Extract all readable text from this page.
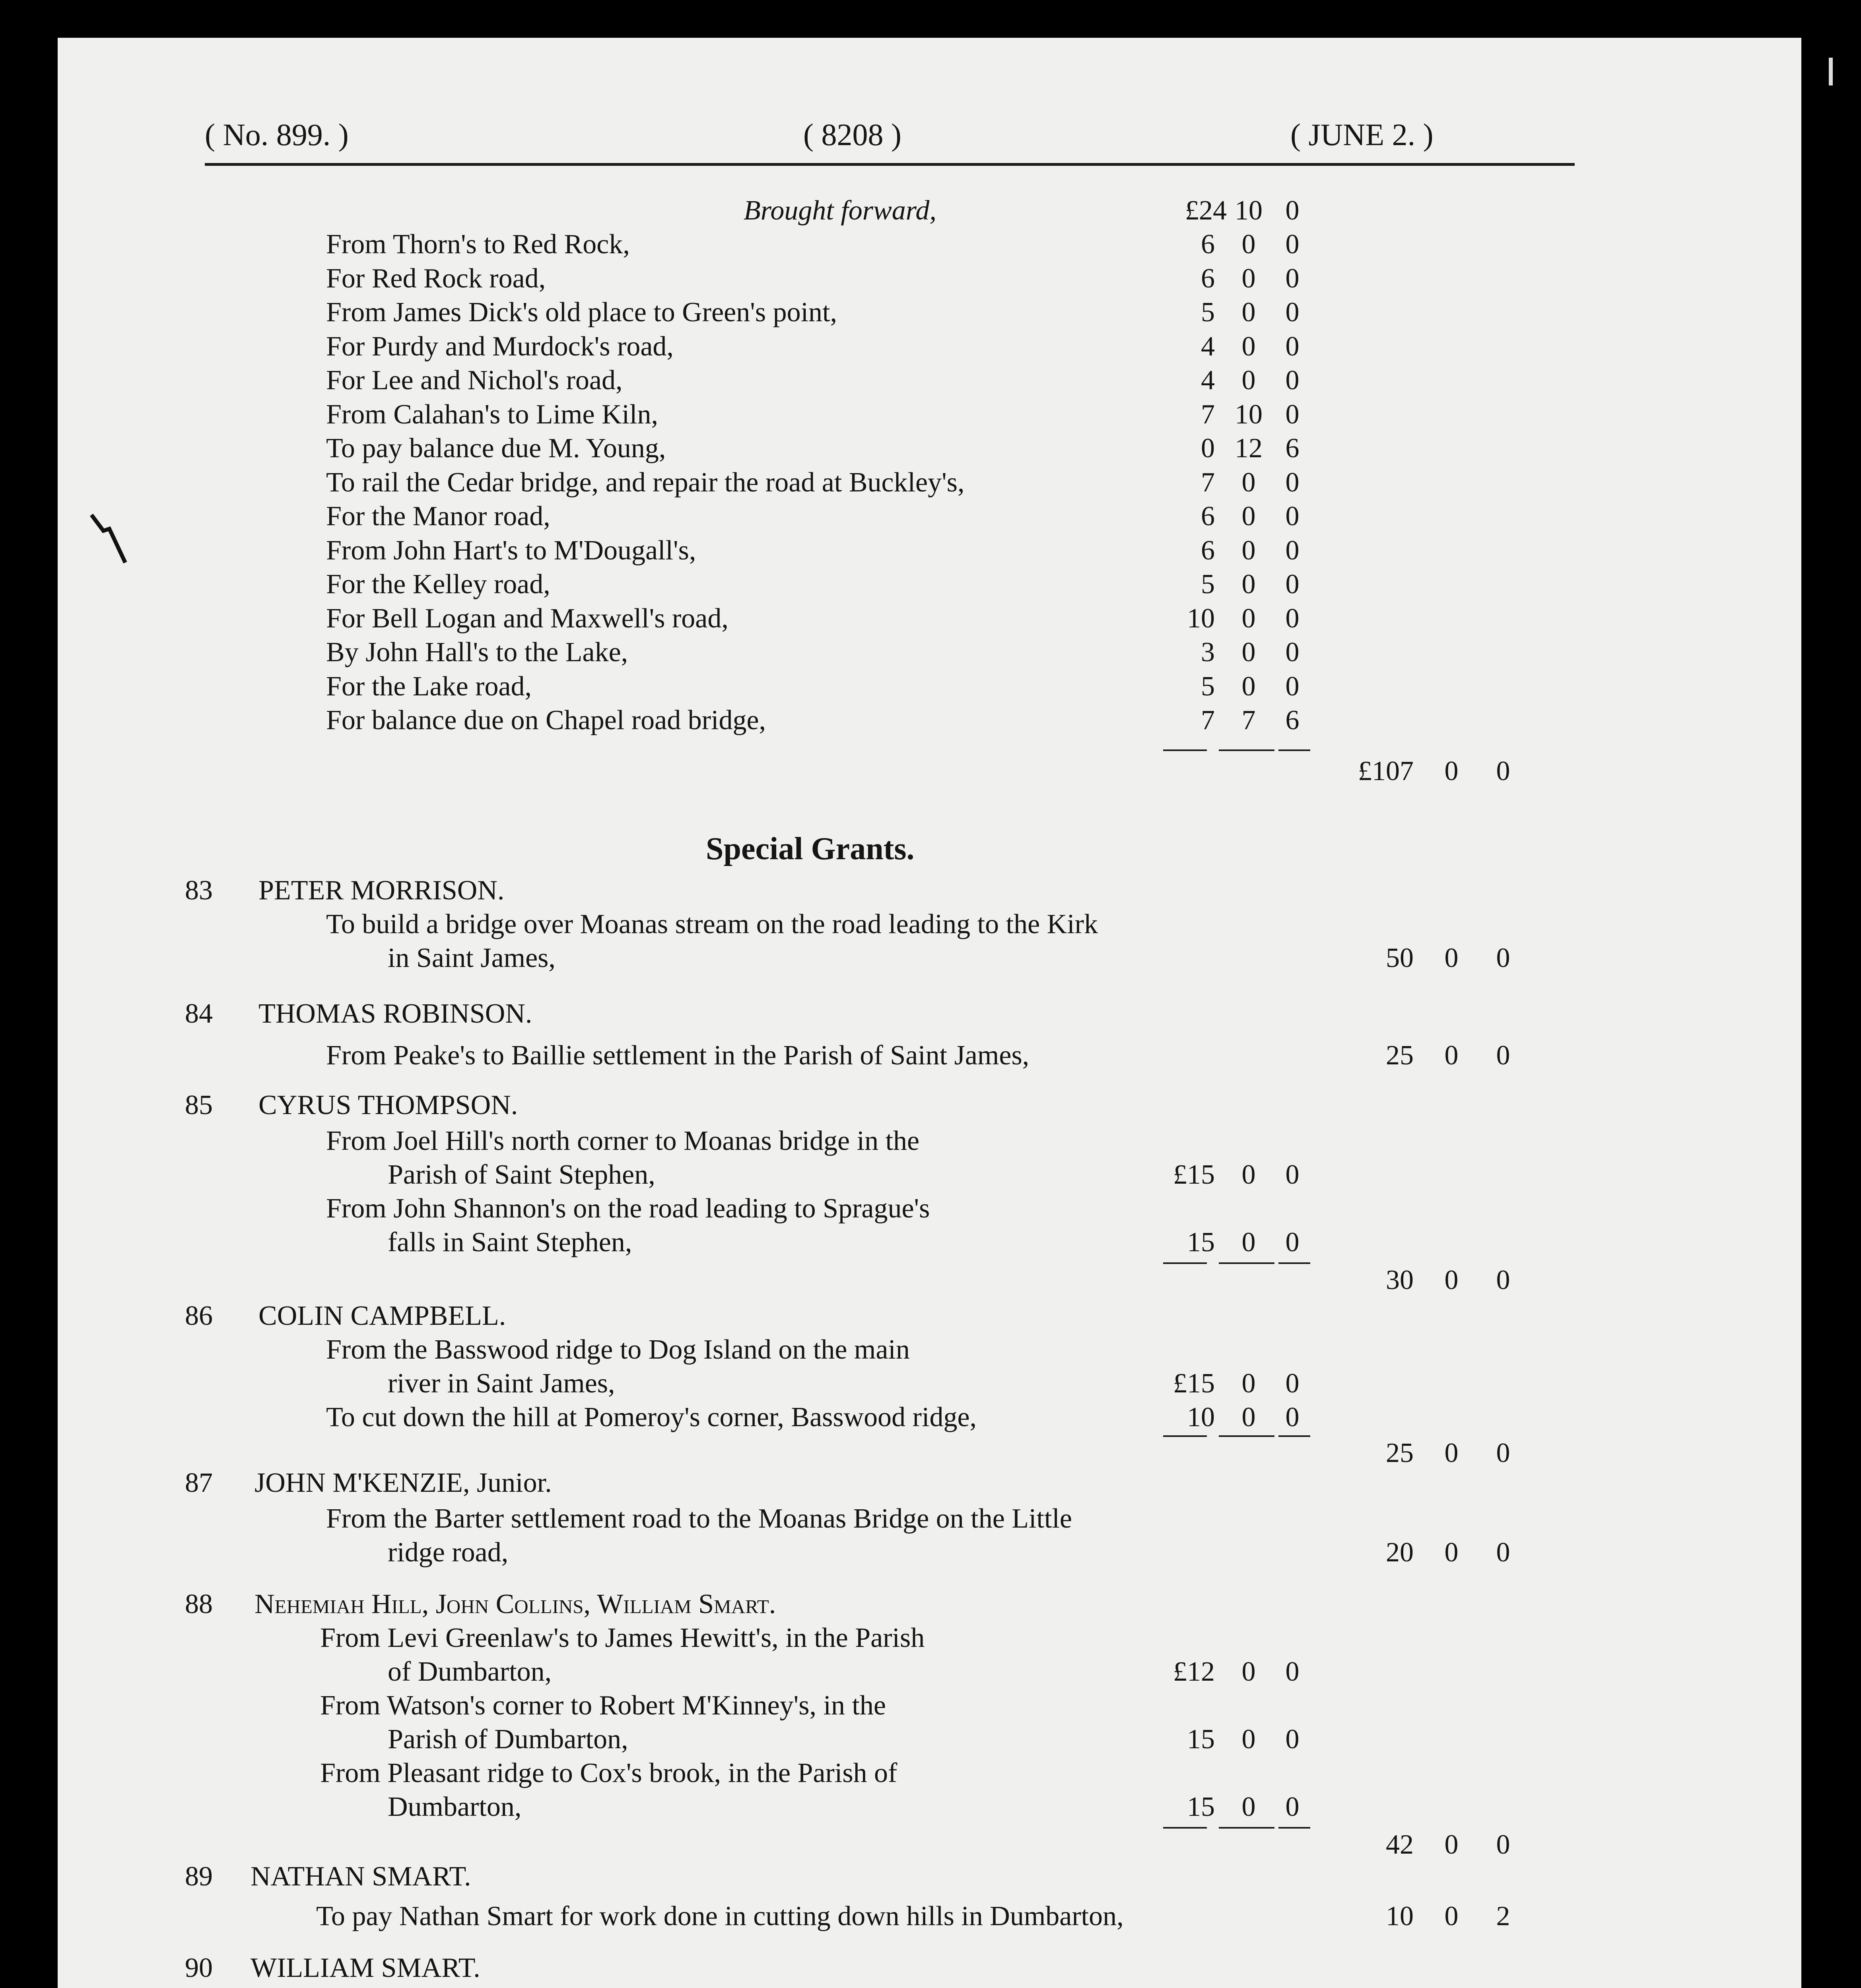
( No. 899. )	( 8208 )	( JUNE 2. )
Brought forward,	£24 10 0
From Thorn's to Red Rock,	6 0	0
For Red Rock road,	6 0	0
From James Dick's old place to Green's point,	5 0	0
For Purdy and Murdock's road,	4 0	0
For Lee and Nichol's road,	4 0	0
From Calahan's to Lime Kiln,	7 10 0
To pay balance due M. Young,	0 12 6
To rail the Cedar bridge, and repair the road at Buckley's,	7 0	0
For the Manor road,	6 0	0
From John Hart's to M'Dougall's,	6 0	0
For the Kelley road,	5 0	0
For Bell Logan and Maxwell's road,	10 0	0
By John Hall's to the Lake,	3 0	0
For the Lake road,	5 0	0
For balance due on Chapel road bridge,	7 7	6
£107	0	0
Special Grants.
83 PETER MORRISON.
To build a bridge over Moanas stream on the road leading to the Kirk
in Saint James,	50	0	0
84 THOMAS ROBINSON.
From Peake's to Baillie settlement in the Parish of Saint James,	25	0	0
85 CYRUS THOMPSON.
From Joel Hill's north corner to Moanas bridge in the
Parish of Saint Stephen,	£15 0	0
From John Shannon's on the road leading to Sprague's
falls in Saint Stephen,	15 0	0
30	0	0
86 COLIN CAMPBELL.
From the Basswood ridge to Dog Island on the main
river in Saint James,	£15 0	0
To cut down the hill at Pomeroy's corner, Basswood ridge,	10 0	0
25	0	0
87 JOHN M'KENZIE, Junior.
From the Barter settlement road to the Moanas Bridge on the Little
ridge road,	20	0	0
88 Nehemiah Hill, John Collins, William Smart.
From Levi Greenlaw's to James Hewitt's, in the Parish
of Dumbarton,	£12 0	0
From Watson's corner to Robert M'Kinney's, in the
Parish of Dumbarton,	15 0	0
From Pleasant ridge to Cox's brook, in the Parish of
Dumbarton,	15 0	0
42	0	0
89 NATHAN SMART.
To pay Nathan Smart for work done in cutting down hills in Dumbarton,	10	0	2
90 WILLIAM SMART.
